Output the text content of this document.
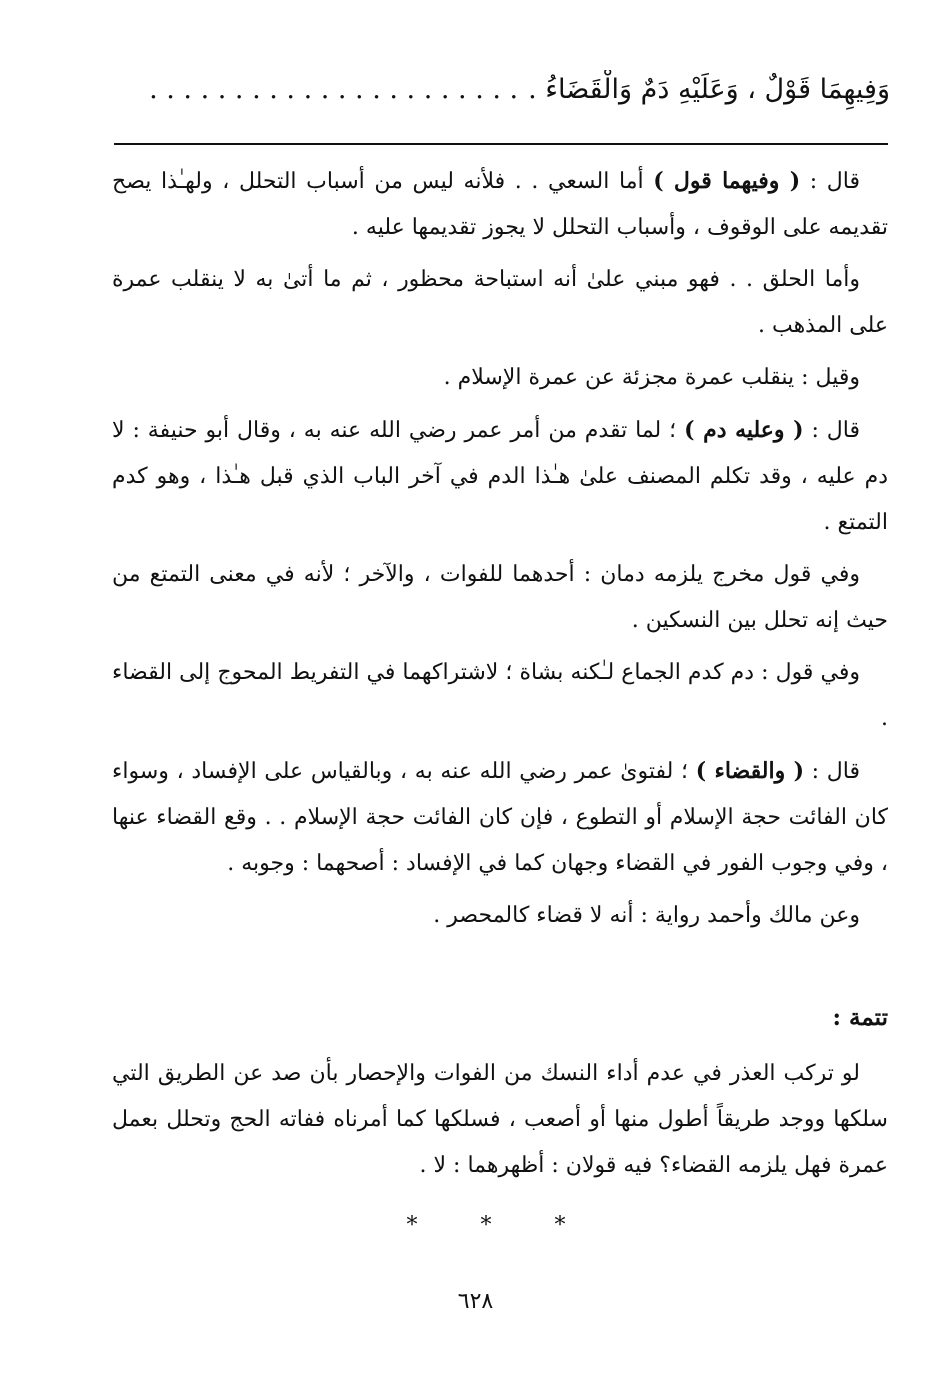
وَفِيهِمَا قَوْلٌ ، وَعَلَيْهِ دَمٌ وَالْقَضَاءُ .. . . . . . . . . . . . . . . . . . . . . .

قال : ( وفيهما قول ) أما السعي . . فلأنه ليس من أسباب التحلل ، ولهـٰذا يصح تقديمه على الوقوف ، وأسباب التحلل لا يجوز تقديمها عليه .

وأما الحلق . . فهو مبني علىٰ أنه استباحة محظور ، ثم ما أتىٰ به لا ينقلب عمرة على المذهب .

وقيل : ينقلب عمرة مجزئة عن عمرة الإسلام .

قال : ( وعليه دم ) ؛ لما تقدم من أمر عمر رضي الله عنه به ، وقال أبو حنيفة : لا دم عليه ، وقد تكلم المصنف علىٰ هـٰذا الدم في آخر الباب الذي قبل هـٰذا ، وهو كدم التمتع .

وفي قول مخرج يلزمه دمان : أحدهما للفوات ، والآخر ؛ لأنه في معنى التمتع من حيث إنه تحلل بين النسكين .

وفي قول : دم كدم الجماع لـٰكنه بشاة ؛ لاشتراكهما في التفريط المحوج إلى القضاء .

قال : ( والقضاء ) ؛ لفتوىٰ عمر رضي الله عنه به ، وبالقياس على الإفساد ، وسواء كان الفائت حجة الإسلام أو التطوع ، فإن كان الفائت حجة الإسلام . . وقع القضاء عنها ، وفي وجوب الفور في القضاء وجهان كما في الإفساد : أصحهما : وجوبه .

وعن مالك وأحمد رواية : أنه لا قضاء كالمحصر .

تتمة :

لو تركب العذر في عدم أداء النسك من الفوات والإحصار بأن صد عن الطريق التي سلكها ووجد طريقاً أطول منها أو أصعب ، فسلكها كما أمرناه ففاته الحج وتحلل بعمل عمرة فهل يلزمه القضاء؟ فيه قولان : أظهرهما : لا .

* * *
٦٢٨
